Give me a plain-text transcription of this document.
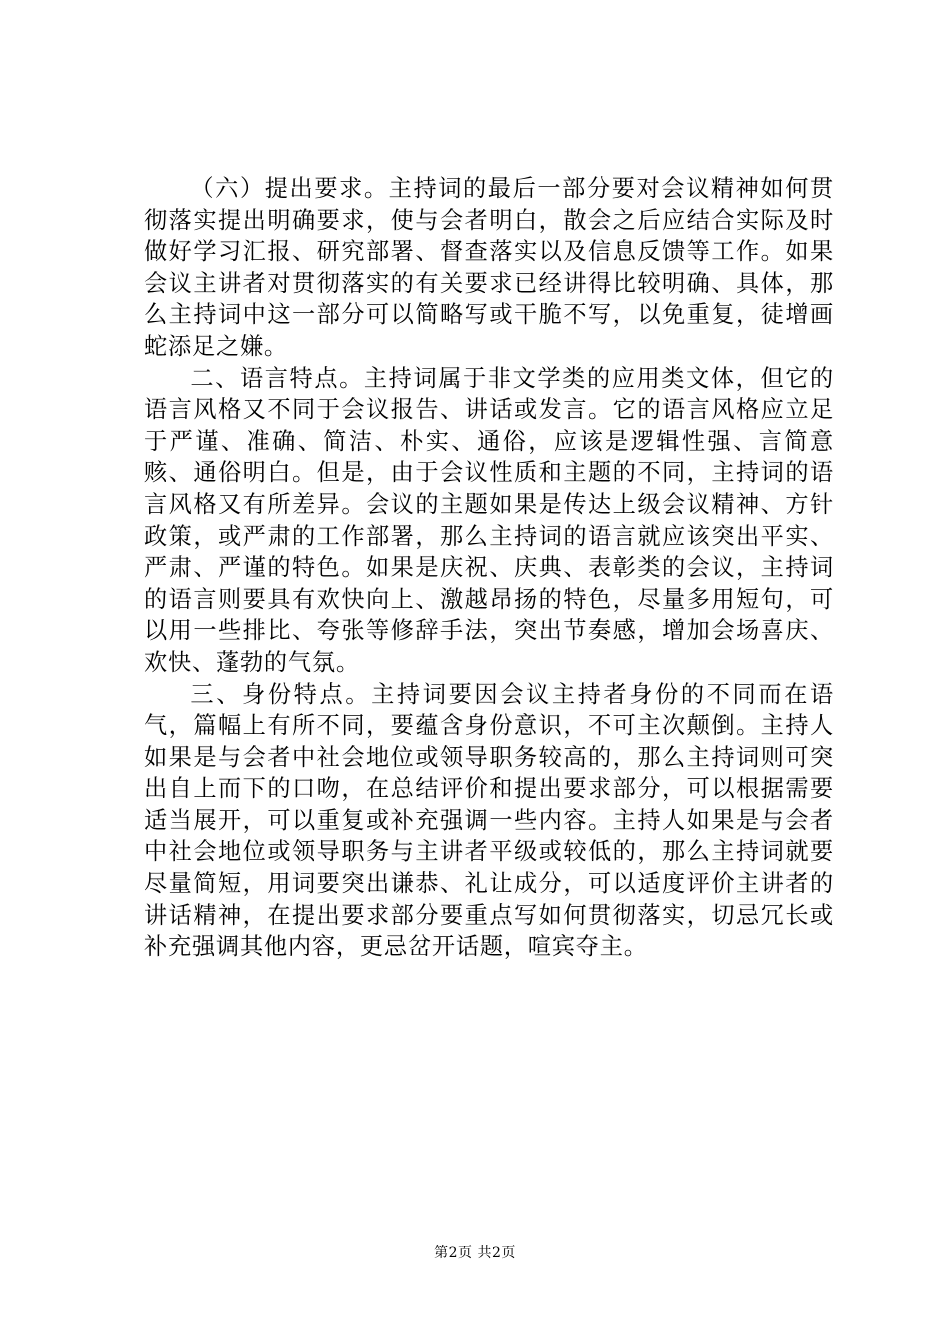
（六）提出要求。主持词的最后一部分要对会议精神如何贯彻落实提出明确要求，使与会者明白，散会之后应结合实际及时做好学习汇报、研究部署、督查落实以及信息反馈等工作。如果会议主讲者对贯彻落实的有关要求已经讲得比较明确、具体，那么主持词中这一部分可以简略写或干脆不写，以免重复，徒增画蛇添足之嫌。

二、语言特点。主持词属于非文学类的应用类文体，但它的语言风格又不同于会议报告、讲话或发言。它的语言风格应立足于严谨、准确、简洁、朴实、通俗，应该是逻辑性强、言简意赅、通俗明白。但是，由于会议性质和主题的不同，主持词的语言风格又有所差异。会议的主题如果是传达上级会议精神、方针政策，或严肃的工作部署，那么主持词的语言就应该突出平实、严肃、严谨的特色。如果是庆祝、庆典、表彰类的会议，主持词的语言则要具有欢快向上、激越昂扬的特色，尽量多用短句，可以用一些排比、夸张等修辞手法，突出节奏感，增加会场喜庆、欢快、蓬勃的气氛。

三、身份特点。主持词要因会议主持者身份的不同而在语气，篇幅上有所不同，要蕴含身份意识，不可主次颠倒。主持人如果是与会者中社会地位或领导职务较高的，那么主持词则可突出自上而下的口吻，在总结评价和提出要求部分，可以根据需要适当展开，可以重复或补充强调一些内容。主持人如果是与会者中社会地位或领导职务与主讲者平级或较低的，那么主持词就要尽量简短，用词要突出谦恭、礼让成分，可以适度评价主讲者的讲话精神，在提出要求部分要重点写如何贯彻落实，切忌冗长或补充强调其他内容，更忌岔开话题，喧宾夺主。

第2页 共2页
